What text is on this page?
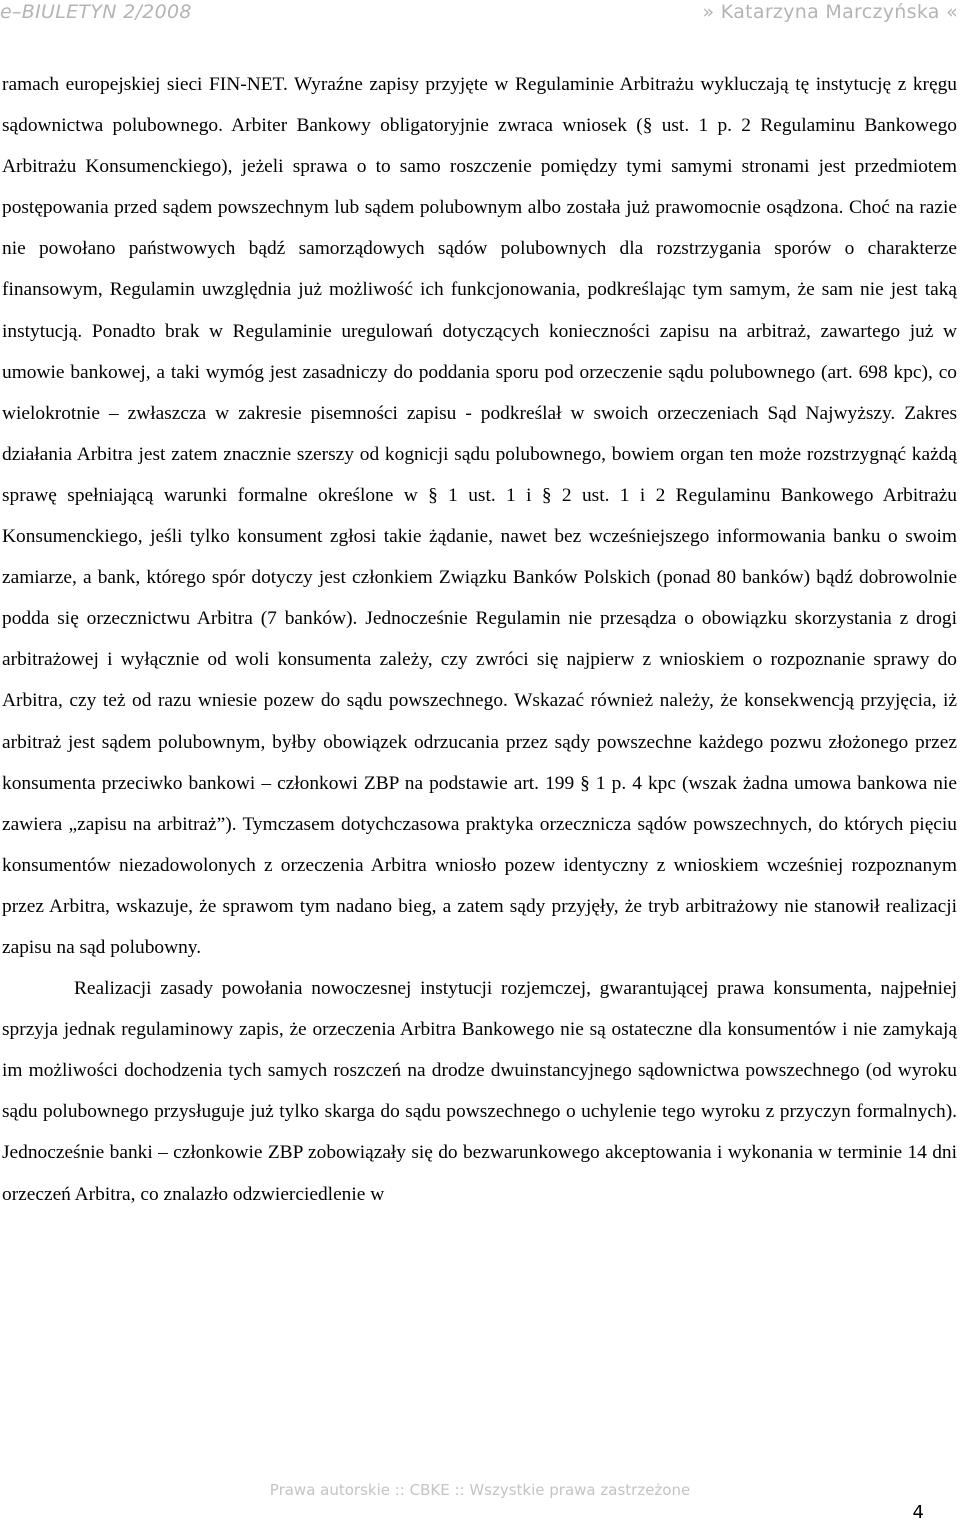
e–BIULETYN 2/2008	» Katarzyna Marczyńska «

ramach europejskiej sieci FIN-NET. Wyraźne zapisy przyjęte w Regulaminie Arbitrażu wykluczają tę instytucję z kręgu sądownictwa polubownego. Arbiter Bankowy obligatoryjnie zwraca wniosek (§ ust. 1 p. 2 Regulaminu Bankowego Arbitrażu Konsumenckiego), jeżeli sprawa o to samo roszczenie pomiędzy tymi samymi stronami jest przedmiotem postępowania przed sądem powszechnym lub sądem polubownym albo została już prawomocnie osądzona. Choć na razie nie powołano państwowych bądź samorządowych sądów polubownych dla rozstrzygania sporów o charakterze finansowym, Regulamin uwzględnia już możliwość ich funkcjonowania, podkreślając tym samym, że sam nie jest taką instytucją. Ponadto brak w Regulaminie uregulowań dotyczących konieczności zapisu na arbitraż, zawartego już w umowie bankowej, a taki wymóg jest zasadniczy do poddania sporu pod orzeczenie sądu polubownego (art. 698 kpc), co wielokrotnie – zwłaszcza w zakresie pisemności zapisu - podkreślał w swoich orzeczeniach Sąd Najwyższy. Zakres działania Arbitra jest zatem znacznie szerszy od kognicji sądu polubownego, bowiem organ ten może rozstrzygnąć każdą sprawę spełniającą warunki formalne określone w § 1 ust. 1 i § 2 ust. 1 i 2 Regulaminu Bankowego Arbitrażu Konsumenckiego, jeśli tylko konsument zgłosi takie żądanie, nawet bez wcześniejszego informowania banku o swoim zamiarze, a bank, którego spór dotyczy jest członkiem Związku Banków Polskich (ponad 80 banków) bądź dobrowolnie podda się orzecznictwu Arbitra (7 banków). Jednocześnie Regulamin nie przesądza o obowiązku skorzystania z drogi arbitrażowej i wyłącznie od woli konsumenta zależy, czy zwróci się najpierw z wnioskiem o rozpoznanie sprawy do Arbitra, czy też od razu wniesie pozew do sądu powszechnego. Wskazać również należy, że konsekwencją przyjęcia, iż arbitraż jest sądem polubownym, byłby obowiązek odrzucania przez sądy powszechne każdego pozwu złożonego przez konsumenta przeciwko bankowi – członkowi ZBP na podstawie art. 199 § 1 p. 4 kpc (wszak żadna umowa bankowa nie zawiera „zapisu na arbitraż”). Tymczasem dotychczasowa praktyka orzecznicza sądów powszechnych, do których pięciu konsumentów niezadowolonych z orzeczenia Arbitra wniosło pozew identyczny z wnioskiem wcześniej rozpoznanym przez Arbitra, wskazuje, że sprawom tym nadano bieg, a zatem sądy przyjęły, że tryb arbitrażowy nie stanowił realizacji zapisu na sąd polubowny.

Realizacji zasady powołania nowoczesnej instytucji rozjemczej, gwarantującej prawa konsumenta, najpełniej sprzyja jednak regulaminowy zapis, że orzeczenia Arbitra Bankowego nie są ostateczne dla konsumentów i nie zamykają im możliwości dochodzenia tych samych roszczeń na drodze dwuinstancyjnego sądownictwa powszechnego (od wyroku sądu polubownego przysługuje już tylko skarga do sądu powszechnego o uchylenie tego wyroku z przyczyn formalnych). Jednocześnie banki – członkowie ZBP zobowiązały się do bezwarunkowego akceptowania i wykonania w terminie 14 dni orzeczeń Arbitra, co znalazło odzwierciedlenie w

Prawa autorskie :: CBKE :: Wszystkie prawa zastrzeżone
4
